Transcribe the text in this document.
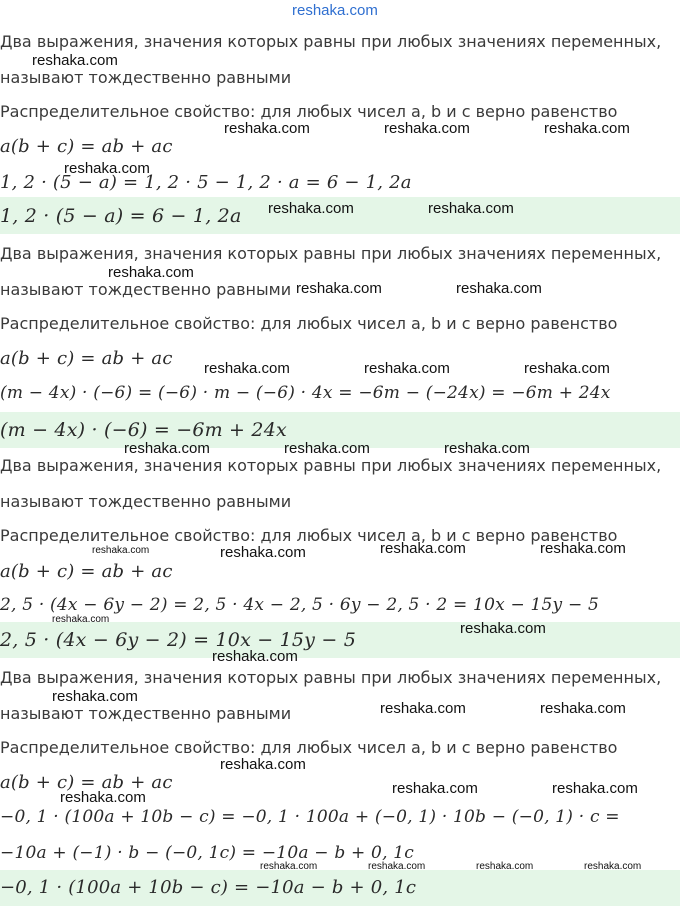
reshaka.com
Два выражения, значения которых равны при любых значениях переменных,
называют тождественно равными
Распределительное свойство: для любых чисел a, b и c верно равенство
a(b + c) = ab + ac
1, 2 · (5 − a) = 1, 2 · 5 − 1, 2 · a = 6 − 1, 2a
1, 2 · (5 − a) = 6 − 1, 2a
Два выражения, значения которых равны при любых значениях переменных,
называют тождественно равными
Распределительное свойство: для любых чисел a, b и c верно равенство
a(b + c) = ab + ac
(m − 4x) · (−6) = (−6) · m − (−6) · 4x = −6m − (−24x) = −6m + 24x
(m − 4x) · (−6) = −6m + 24x
Два выражения, значения которых равны при любых значениях переменных,
называют тождественно равными
Распределительное свойство: для любых чисел a, b и c верно равенство
a(b + c) = ab + ac
2, 5 · (4x − 6y − 2) = 2, 5 · 4x − 2, 5 · 6y − 2, 5 · 2 = 10x − 15y − 5
2, 5 · (4x − 6y − 2) = 10x − 15y − 5
Два выражения, значения которых равны при любых значениях переменных,
называют тождественно равными
Распределительное свойство: для любых чисел a, b и c верно равенство
a(b + c) = ab + ac
−0, 1 · (100a + 10b − c) = −0, 1 · 100a + (−0, 1) · 10b − (−0, 1) · c =
−10a + (−1) · b − (−0, 1c) = −10a − b + 0, 1c
−0, 1 · (100a + 10b − c) = −10a − b + 0, 1c
reshaka.com
reshaka.com	reshaka.com	reshaka.com
reshaka.com
reshaka.com	reshaka.com
reshaka.com
reshaka.com	reshaka.com
reshaka.com	reshaka.com	reshaka.com
reshaka.com	reshaka.com	reshaka.com
reshaka.com	reshaka.com	reshaka.com	reshaka.com
reshaka.com
reshaka.com
reshaka.com
reshaka.com
reshaka.com	reshaka.com
reshaka.com
reshaka.com	reshaka.com
reshaka.com
reshaka.com	reshaka.com	reshaka.com	reshaka.com
